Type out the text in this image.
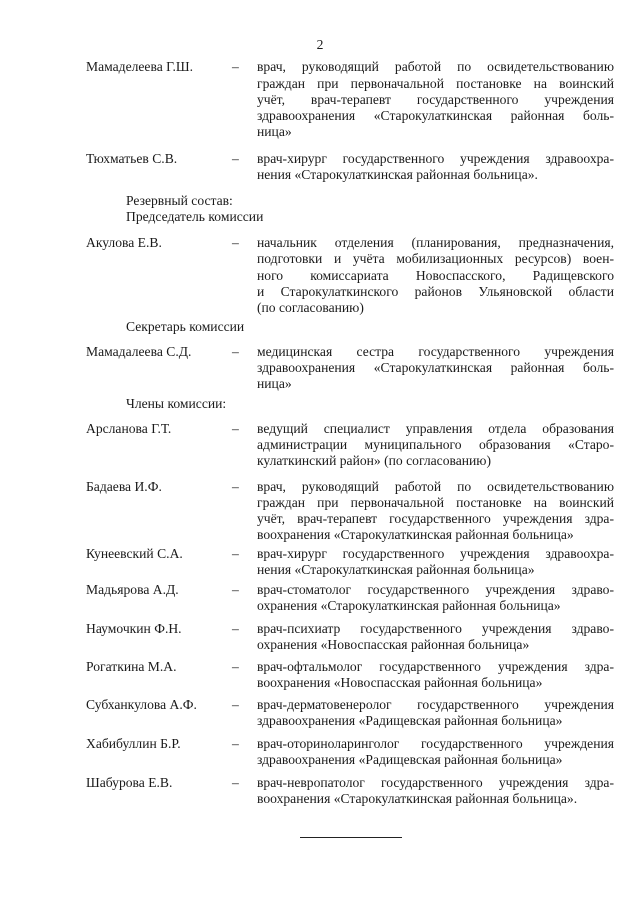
2
Мамаделеева Г.Ш.	– врач, руководящий работой по освидетельствованию
граждан при первоначальной постановке на воинский
учёт, врач-терапевт государственного учреждения
здравоохранения «Старокулаткинская районная боль-
ница»
Тюхматьев С.В.	– врач-хирург государственного учреждения здравоохра-
нения «Старокулаткинская районная больница».
Резервный состав:
Председатель комиссии
Акулова Е.В.	– начальник отделения (планирования, предназначения,
подготовки и учёта мобилизационных ресурсов) воен-
ного комиссариата Новоспасского, Радищевского
и Старокулаткинского районов Ульяновской области
(по согласованию)
Секретарь комиссии
Мамадалеева С.Д.	– медицинская сестра государственного учреждения
здравоохранения «Старокулаткинская районная боль-
ница»
Члены комиссии:
Арсланова Г.Т.	– ведущий специалист управления отдела образования
администрации муниципального образования «Старо-
кулаткинский район» (по согласованию)
Бадаева И.Ф.	– врач, руководящий работой по освидетельствованию
граждан при первоначальной постановке на воинский
учёт, врач-терапевт государственного учреждения здра-
воохранения «Старокулаткинская районная больница»
Кунеевский С.А.	– врач-хирург государственного учреждения здравоохра-
нения «Старокулаткинская районная больница»
Мадьярова А.Д.	– врач-стоматолог государственного учреждения здраво-
охранения «Старокулаткинская районная больница»
Наумочкин Ф.Н.	– врач-психиатр государственного учреждения здраво-
охранения «Новоспасская районная больница»
Рогаткина М.А.	– врач-офтальмолог государственного учреждения здра-
воохранения «Новоспасская районная больница»
Субханкулова А.Ф.	– врач-дерматовенеролог государственного учреждения
здравоохранения «Радищевская районная больница»
Хабибуллин Б.Р.	– врач-оториноларинголог государственного учреждения
здравоохранения «Радищевская районная больница»
Шабурова Е.В.	– врач-невропатолог государственного учреждения здра-
воохранения «Старокулаткинская районная больница».
